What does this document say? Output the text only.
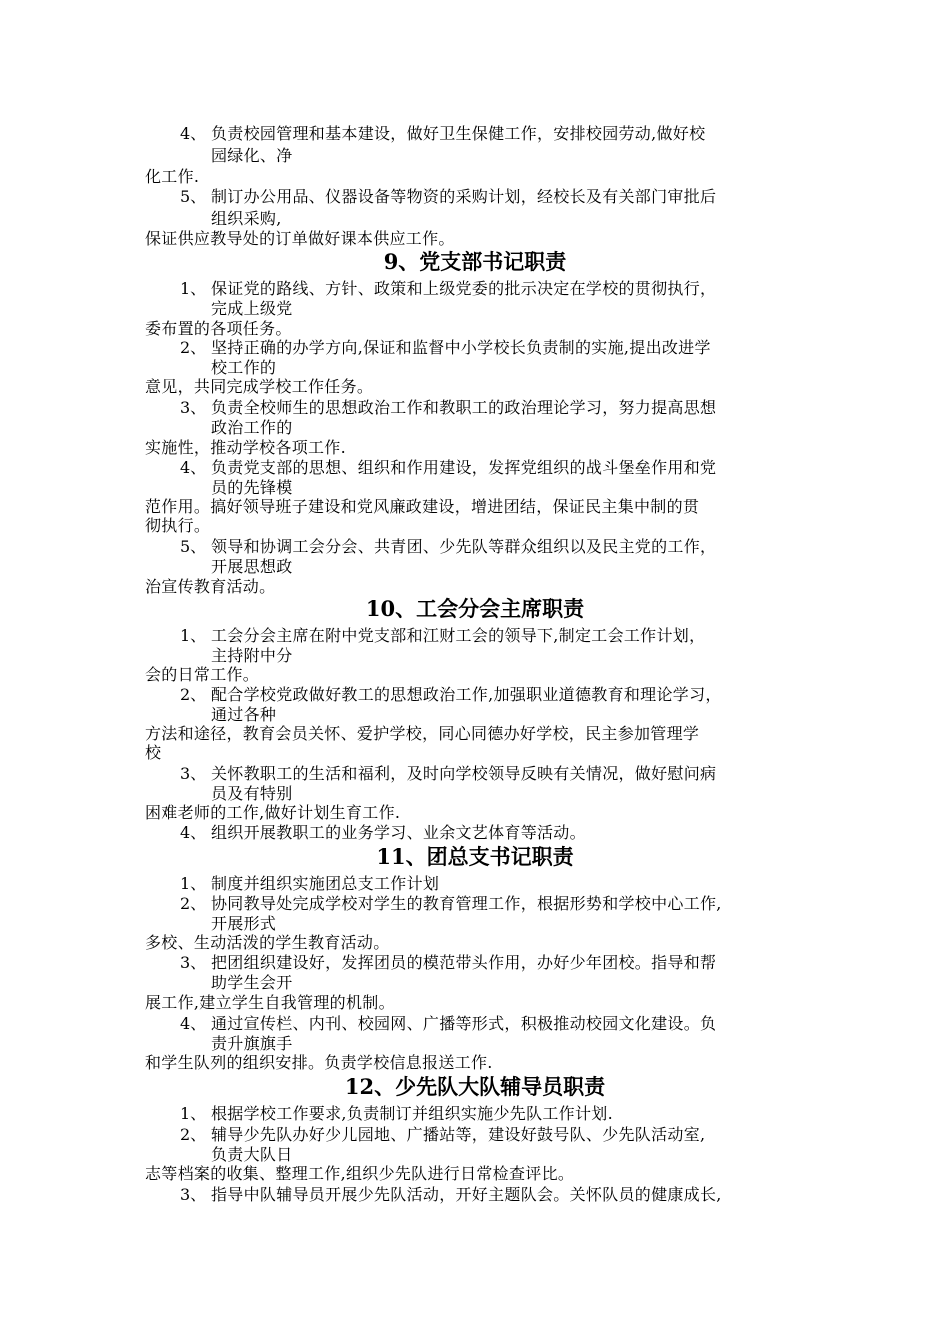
4、 负责校园管理和基本建设，做好卫生保健工作，安排校园劳动,做好校
园绿化、净
化工作.
5、 制订办公用品、仪器设备等物资的采购计划，经校长及有关部门审批后
组织采购,
保证供应教导处的订单做好课本供应工作。
9、党支部书记职责
1、 保证党的路线、方针、政策和上级党委的批示决定在学校的贯彻执行，
完成上级党
委布置的各项任务。
2、 坚持正确的办学方向,保证和监督中小学校长负责制的实施,提出改进学
校工作的
意见，共同完成学校工作任务。
3、 负责全校师生的思想政治工作和教职工的政治理论学习，努力提高思想
政治工作的
实施性，推动学校各项工作.
4、 负责党支部的思想、组织和作用建设，发挥党组织的战斗堡垒作用和党
员的先锋模
范作用。搞好领导班子建设和党风廉政建设，增进团结，保证民主集中制的贯
彻执行。
5、 领导和协调工会分会、共青团、少先队等群众组织以及民主党的工作，
开展思想政
治宣传教育活动。
10、工会分会主席职责
1、 工会分会主席在附中党支部和江财工会的领导下,制定工会工作计划，
主持附中分
会的日常工作。
2、 配合学校党政做好教工的思想政治工作,加强职业道德教育和理论学习，
通过各种
方法和途径，教育会员关怀、爱护学校，同心同德办好学校，民主参加管理学
校
3、 关怀教职工的生活和福利，及时向学校领导反映有关情况，做好慰问病
员及有特别
困难老师的工作,做好计划生育工作.
4、 组织开展教职工的业务学习、业余文艺体育等活动。
11、团总支书记职责
1、 制度并组织实施团总支工作计划
2、 协同教导处完成学校对学生的教育管理工作，根据形势和学校中心工作,
开展形式
多校、生动活泼的学生教育活动。
3、 把团组织建设好，发挥团员的模范带头作用，办好少年团校。指导和帮
助学生会开
展工作,建立学生自我管理的机制。
4、 通过宣传栏、内刊、校园网、广播等形式，积极推动校园文化建设。负
责升旗旗手
和学生队列的组织安排。负责学校信息报送工作.
12、少先队大队辅导员职责
1、 根据学校工作要求,负责制订并组织实施少先队工作计划.
2、 辅导少先队办好少儿园地、广播站等，建设好鼓号队、少先队活动室,
负责大队日
志等档案的收集、整理工作,组织少先队进行日常检查评比。
3、 指导中队辅导员开展少先队活动，开好主题队会。关怀队员的健康成长,
